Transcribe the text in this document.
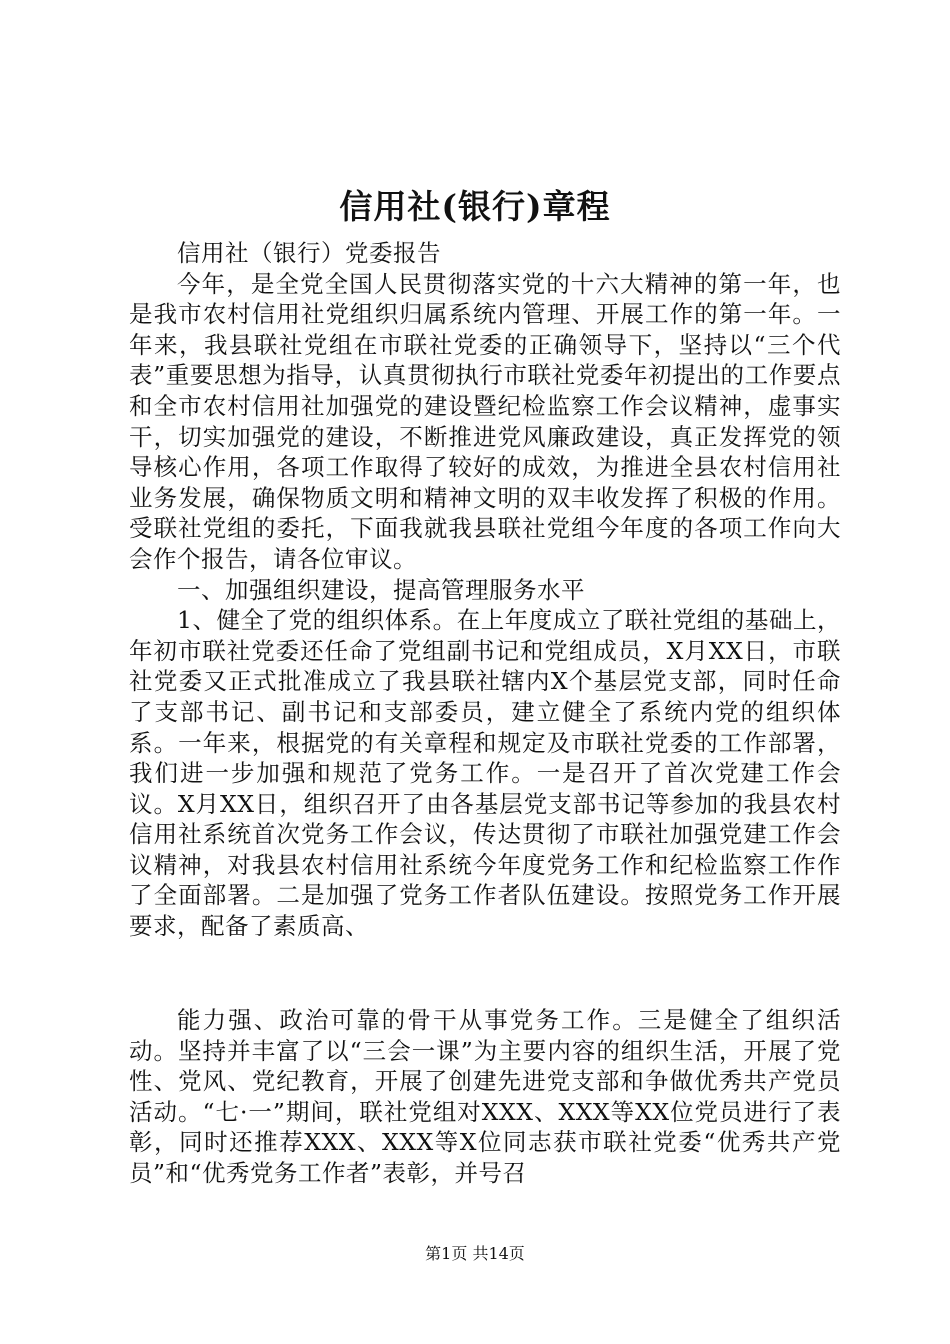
信用社(银行)章程

信用社（银行）党委报告

今年，是全党全国人民贯彻落实党的十六大精神的第一年，也是我市农村信用社党组织归属系统内管理、开展工作的第一年。一年来，我县联社党组在市联社党委的正确领导下，坚持以“三个代表”重要思想为指导，认真贯彻执行市联社党委年初提出的工作要点和全市农村信用社加强党的建设暨纪检监察工作会议精神，虚事实干，切实加强党的建设，不断推进党风廉政建设，真正发挥党的领导核心作用，各项工作取得了较好的成效，为推进全县农村信用社业务发展，确保物质文明和精神文明的双丰收发挥了积极的作用。受联社党组的委托，下面我就我县联社党组今年度的各项工作向大会作个报告，请各位审议。

一、加强组织建设，提高管理服务水平

1、健全了党的组织体系。在上年度成立了联社党组的基础上，年初市联社党委还任命了党组副书记和党组成员，X月XX日，市联社党委又正式批准成立了我县联社辖内X个基层党支部，同时任命了支部书记、副书记和支部委员，建立健全了系统内党的组织体系。一年来，根据党的有关章程和规定及市联社党委的工作部署，我们进一步加强和规范了党务工作。一是召开了首次党建工作会议。X月XX日，组织召开了由各基层党支部书记等参加的我县农村信用社系统首次党务工作会议，传达贯彻了市联社加强党建工作会议精神，对我县农村信用社系统今年度党务工作和纪检监察工作作了全面部署。二是加强了党务工作者队伍建设。按照党务工作开展要求，配备了素质高、

能力强、政治可靠的骨干从事党务工作。三是健全了组织活动。坚持并丰富了以“三会一课”为主要内容的组织生活，开展了党性、党风、党纪教育，开展了创建先进党支部和争做优秀共产党员活动。“七·一”期间，联社党组对XXX、XXX等XX位党员进行了表彰，同时还推荐XXX、XXX等X位同志获市联社党委“优秀共产党员”和“优秀党务工作者”表彰，并号召

第1页 共14页
